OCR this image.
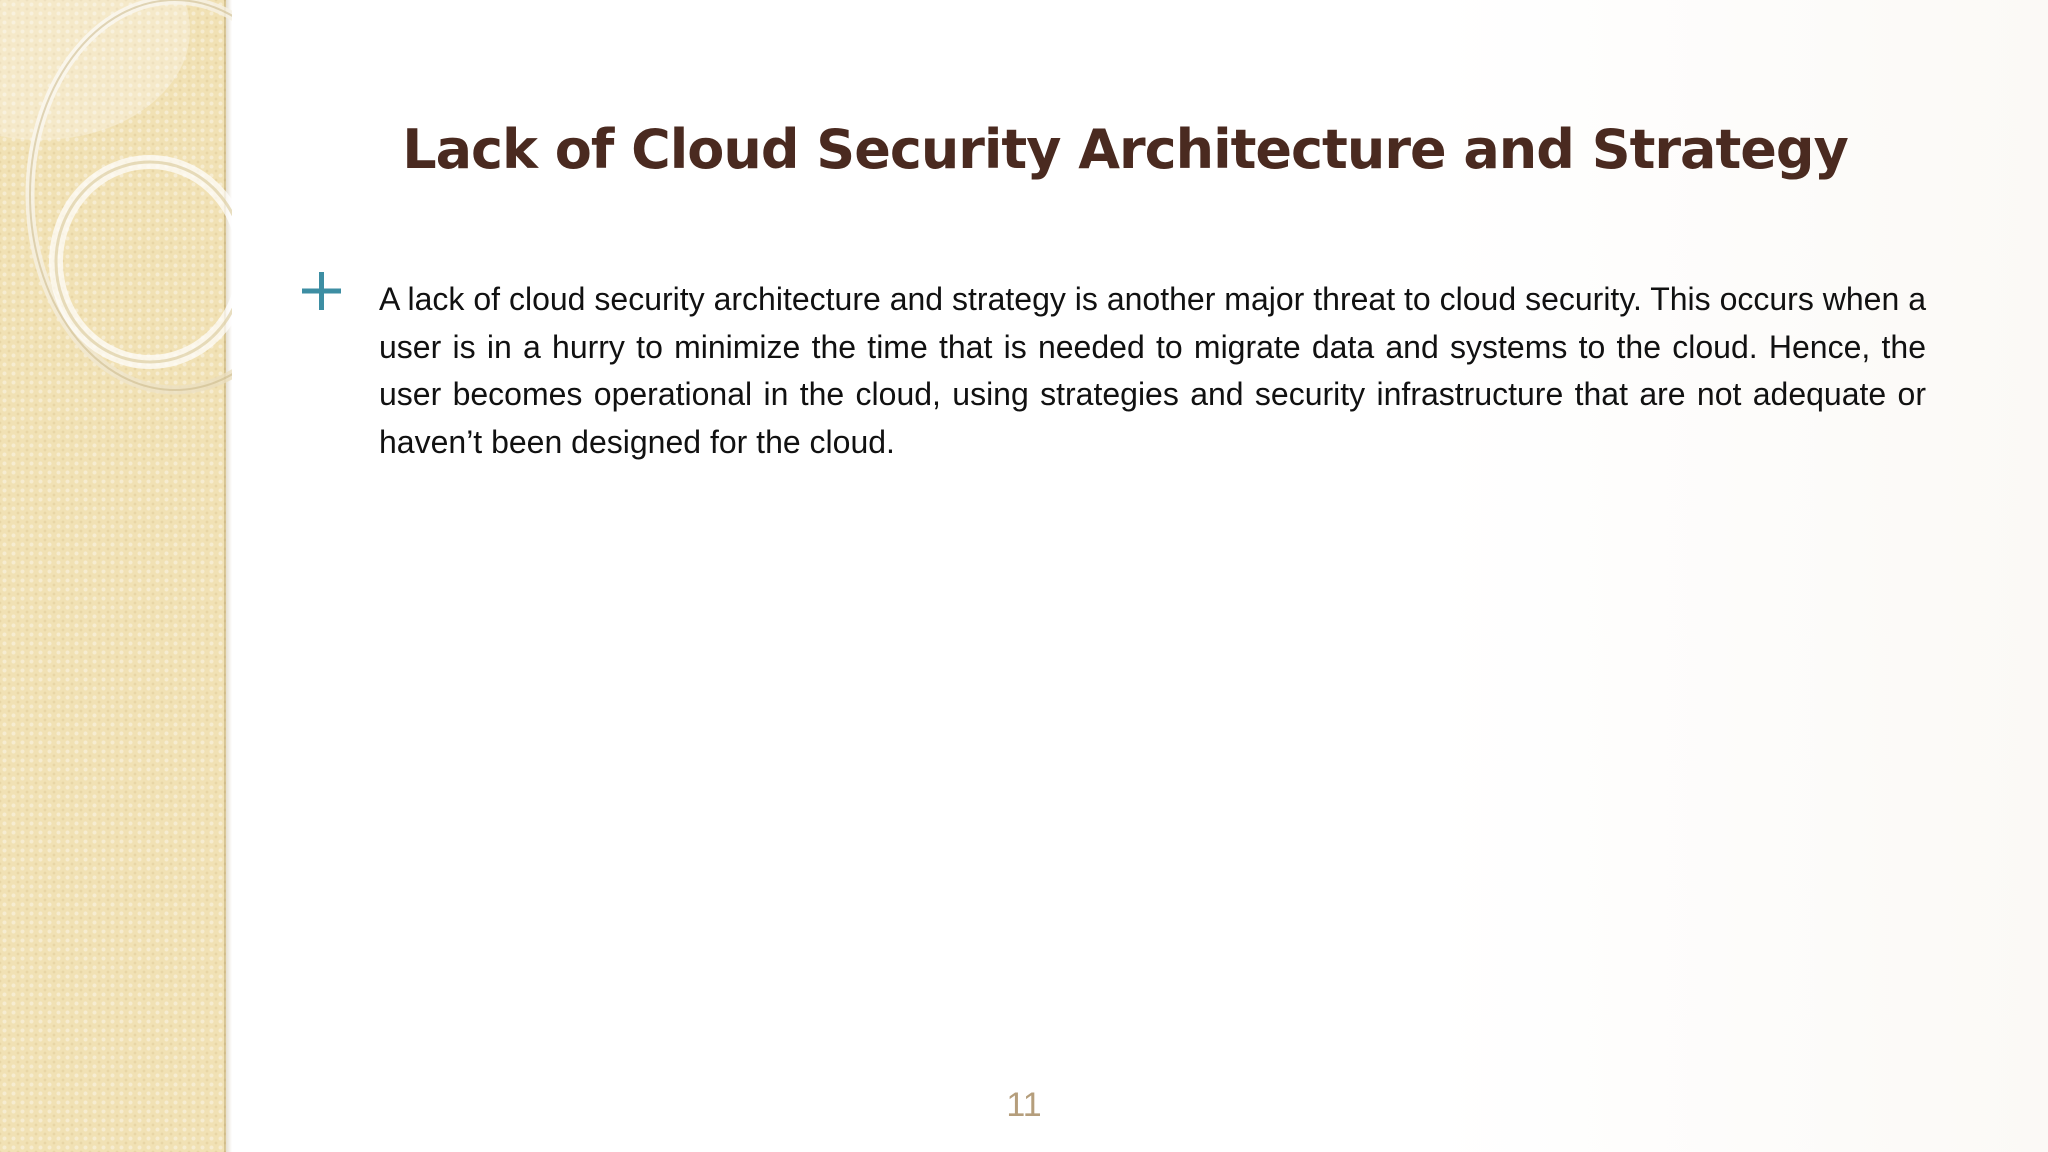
Lack of Cloud Security Architecture and Strategy
A lack of cloud security architecture and strategy is another major threat to cloud security. This occurs when a user is in a hurry to minimize the time that is needed to migrate data and systems to the cloud. Hence, the user becomes operational in the cloud, using strategies and security infrastructure that are not adequate or haven’t been designed for the cloud.
11
